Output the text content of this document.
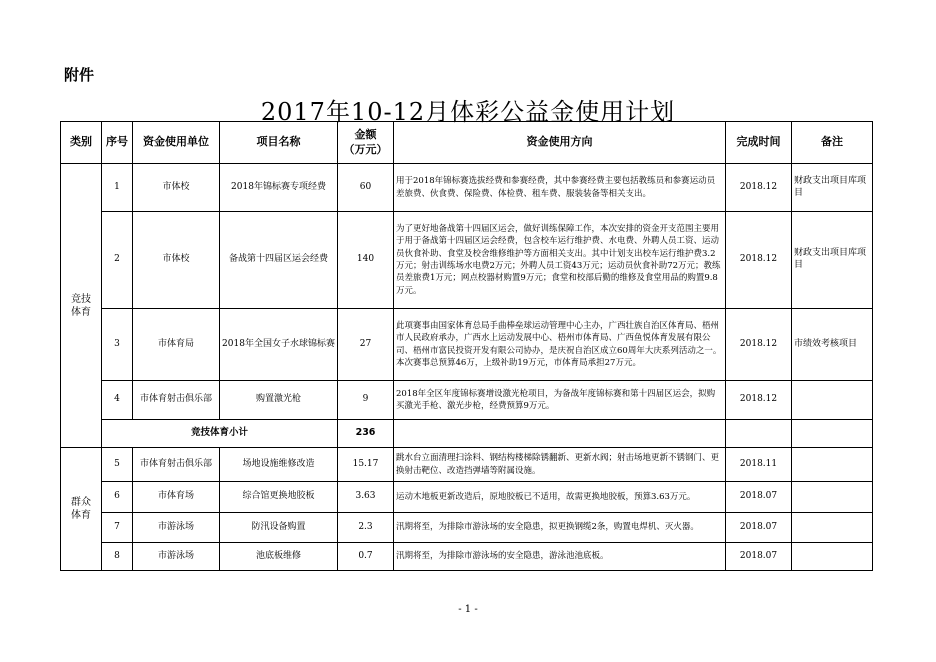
附件
2017年10-12月体彩公益金使用计划
类别	序号	资金使用单位	项目名称	金额
（万元）	资金使用方向	完成时间	备注
竞技体育	1	市体校	2018年锦标赛专项经费	60	用于2018年锦标赛选拔经费和参赛经费，其中参赛经费主要包括教练员和参赛运动员差旅费、伙食费、保险费、体检费、租车费、服装装备等相关支出。	2018.12	财政支出项目库项目
	2	市体校	备战第十四届区运会经费	140	为了更好地备战第十四届区运会，做好训练保障工作，本次安排的资金开支范围主要用于用于备战第十四届区运会经费，包含校车运行维护费、水电费、外聘人员工资、运动员伙食补助、食堂及校舍维修维护等方面相关支出。其中计划支出校车运行维护费3.2万元；射击训练场水电费2万元；外聘人员工资43万元；运动员伙食补助72万元；教练员差旅费1万元；网点校器材购置9万元；食堂和校部后勤的维修及食堂用品的购置9.8万元。	2018.12	财政支出项目库项目
	3	市体育局	2018年全国女子水球锦标赛	27	此项赛事由国家体育总局手曲棒垒球运动管理中心主办，广西壮族自治区体育局、梧州市人民政府承办，广西水上运动发展中心、梧州市体育局、广西鱼悦体育发展有限公司、梧州市富民投资开发有限公司协办，是庆祝自治区成立60周年大庆系列活动之一。本次赛事总预算46万，上级补助19万元，市体育局承担27万元。	2018.12	市绩效考核项目
	4	市体育射击俱乐部	购置激光枪	9	2018年全区年度锦标赛增设激光枪项目，为备战年度锦标赛和第十四届区运会，拟购买激光手枪、激光步枪，经费预算9万元。	2018.12	
	竞技体育小计			236			
群众体育	5	市体育射击俱乐部	场地设施维修改造	15.17	跳水台立面清理扫涂料、钢结构楼梯除锈翻新、更新水阀；射击场地更新不锈钢门、更换射击靶位、改造挡弹墙等附属设施。	2018.11	
	6	市体育场	综合馆更换地胶板	3.63	运动木地板更新改造后，原地胶板已不适用，故需更换地胶板，预算3.63万元。	2018.07	
	7	市游泳场	防汛设备购置	2.3	汛期将至，为排除市游泳场的安全隐患，拟更换钢缆2条，购置电焊机、灭火器。	2018.07	
	8	市游泳场	池底板维修	0.7	汛期将至，为排除市游泳场的安全隐患，游泳池池底板。	2018.07	
- 1 -
